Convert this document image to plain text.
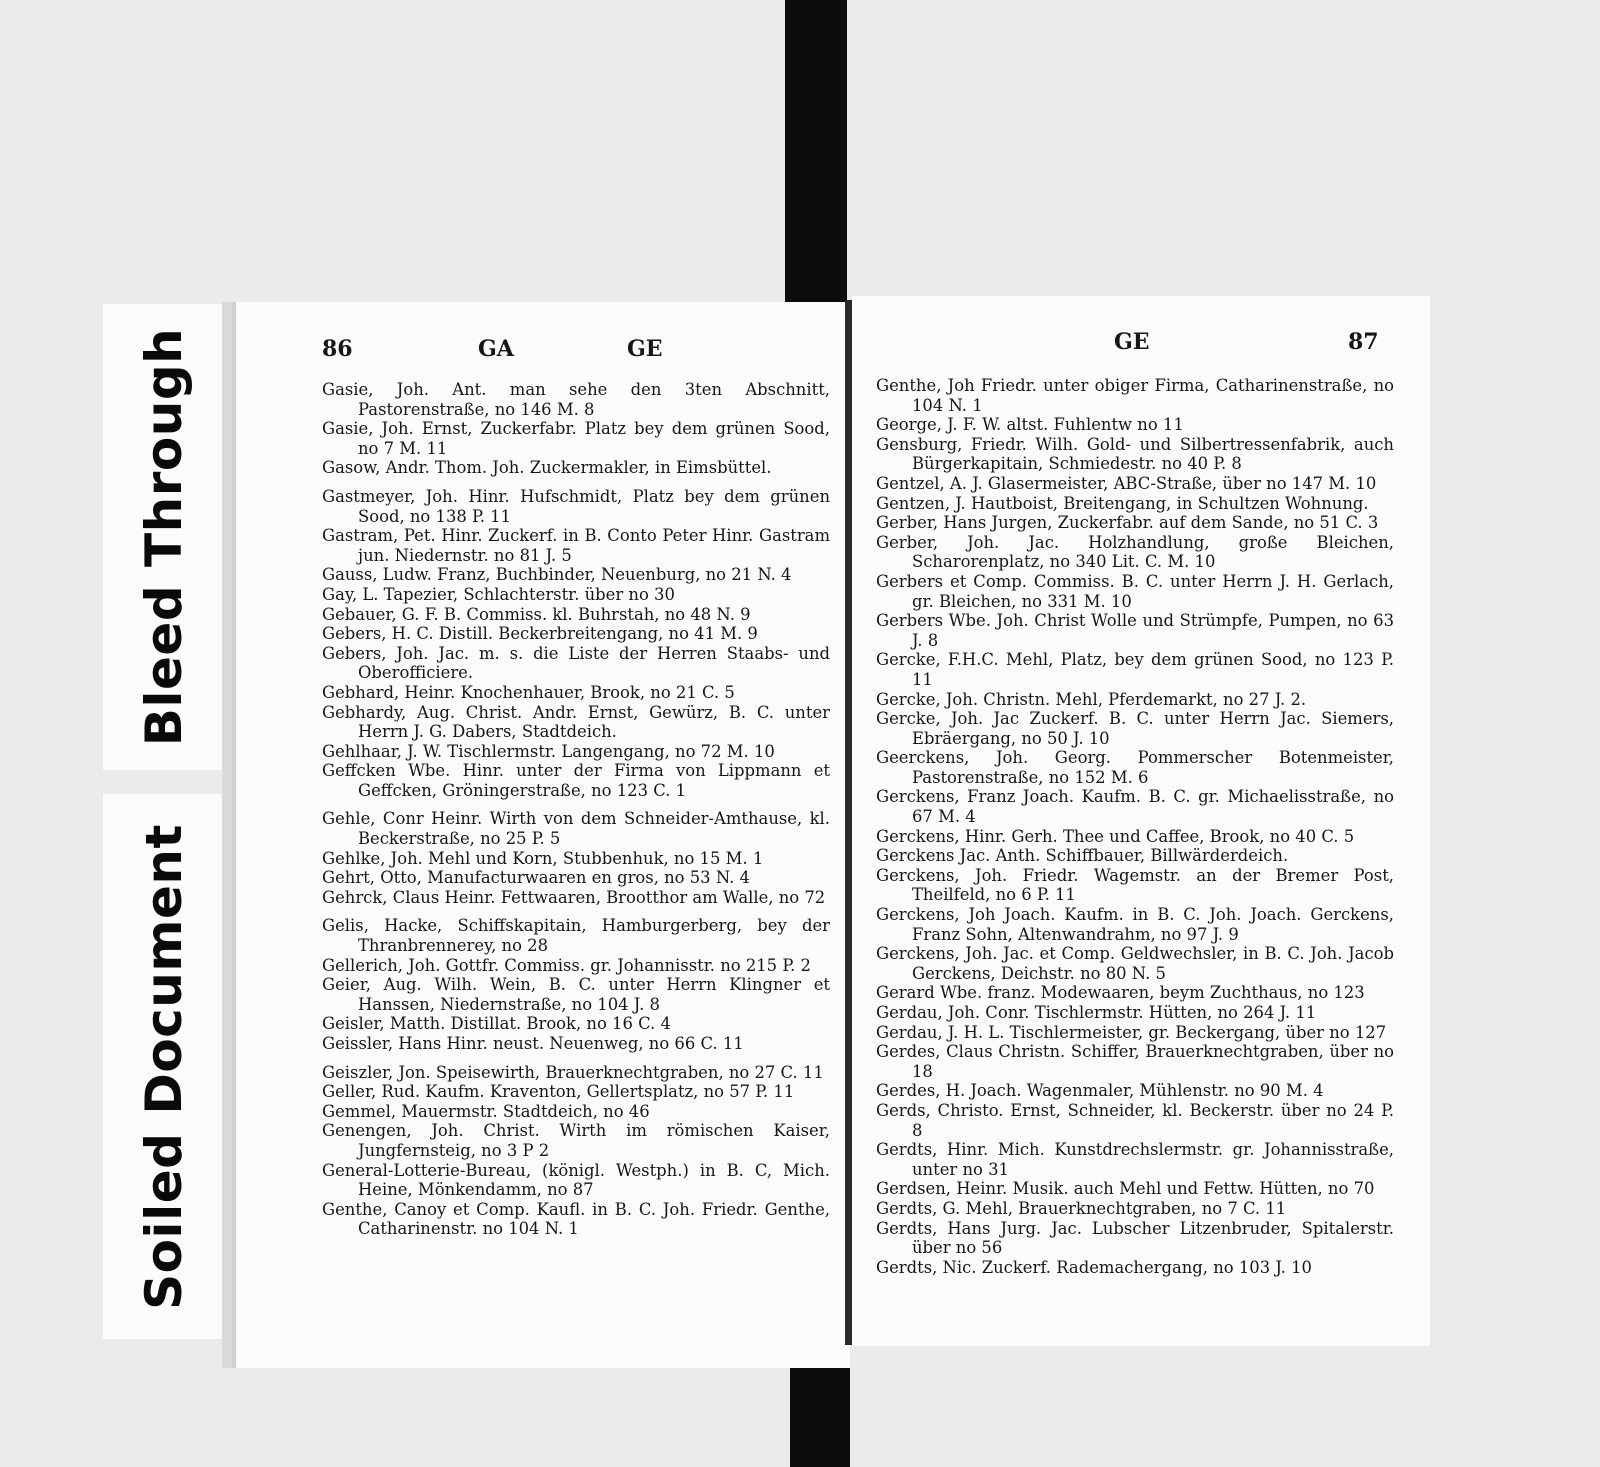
Bleed Through
Soiled Document
86	GA	GE	GE	87
Gasie, Joh. Ant. man sehe den 3ten Abschnitt, Pastorenstraße, no 146 M. 8
Gasie, Joh. Ernst, Zuckerfabr. Platz bey dem grünen Sood, no 7 M. 11
Gasow, Andr. Thom. Joh. Zuckermakler, in Eimsbüttel.
Gastmeyer, Joh. Hinr. Hufschmidt, Platz bey dem grünen Sood, no 138 P. 11
Gastram, Pet. Hinr. Zuckerf. in B. Conto Peter Hinr. Gastram jun. Niedernstr. no 81 J. 5
Gauss, Ludw. Franz, Buchbinder, Neuenburg, no 21 N. 4
Gay, L. Tapezier, Schlachterstr. über no 30
Gebauer, G. F. B. Commiss. kl. Buhrstah, no 48 N. 9
Gebers, H. C. Distill. Beckerbreitengang, no 41 M. 9
Gebers, Joh. Jac. m. s. die Liste der Herren Staabs- und Oberofficiere.
Gebhard, Heinr. Knochenhauer, Brook, no 21 C. 5
Gebhardy, Aug. Christ. Andr. Ernst, Gewürz, B. C. unter Herrn J. G. Dabers, Stadtdeich.
Gehlhaar, J. W. Tischlermstr. Langengang, no 72 M. 10
Geffcken Wbe. Hinr. unter der Firma von Lippmann et Geffcken, Gröningerstraße, no 123 C. 1
Gehle, Conr Heinr. Wirth von dem Schneider-Amthause, kl. Beckerstraße, no 25 P. 5
Gehlke, Joh. Mehl und Korn, Stubbenhuk, no 15 M. 1
Gehrt, Otto, Manufacturwaaren en gros, no 53 N. 4
Gehrck, Claus Heinr. Fettwaaren, Brootthor am Walle, no 72
Gelis, Hacke, Schiffskapitain, Hamburgerberg, bey der Thranbrennerey, no 28
Gellerich, Joh. Gottfr. Commiss. gr. Johannisstr. no 215 P. 2
Geier, Aug. Wilh. Wein, B. C. unter Herrn Klingner et Hanssen, Niedernstraße, no 104 J. 8
Geisler, Matth. Distillat. Brook, no 16 C. 4
Geissler, Hans Hinr. neust. Neuenweg, no 66 C. 11
Geiszler, Jon. Speisewirth, Brauerknechtgraben, no 27 C. 11
Geller, Rud. Kaufm. Kraventon, Gellertsplatz, no 57 P. 11
Gemmel, Mauermstr. Stadtdeich, no 46
Genengen, Joh. Christ. Wirth im römischen Kaiser, Jungfernsteig, no 3 P 2
General-Lotterie-Bureau, (königl. Westph.) in B. C, Mich. Heine, Mönkendamm, no 87
Genthe, Canoy et Comp. Kaufl. in B. C. Joh. Friedr. Genthe, Catharinenstr. no 104 N. 1
Genthe, Joh Friedr. unter obiger Firma, Catharinenstraße, no 104 N. 1
George, J. F. W. altst. Fuhlentw no 11
Gensburg, Friedr. Wilh. Gold- und Silbertressenfabrik, auch Bürgerkapitain, Schmiedestr. no 40 P. 8
Gentzel, A. J. Glasermeister, ABC-Straße, über no 147 M. 10
Gentzen, J. Hautboist, Breitengang, in Schultzen Wohnung.
Gerber, Hans Jurgen, Zuckerfabr. auf dem Sande, no 51 C. 3
Gerber, Joh. Jac. Holzhandlung, große Bleichen, Scharorenplatz, no 340 Lit. C. M. 10
Gerbers et Comp. Commiss. B. C. unter Herrn J. H. Gerlach, gr. Bleichen, no 331 M. 10
Gerbers Wbe. Joh. Christ Wolle und Strümpfe, Pumpen, no 63 J. 8
Gercke, F.H.C. Mehl, Platz, bey dem grünen Sood, no 123 P. 11
Gercke, Joh. Christn. Mehl, Pferdemarkt, no 27 J. 2.
Gercke, Joh. Jac Zuckerf. B. C. unter Herrn Jac. Siemers, Ebräergang, no 50 J. 10
Geerckens, Joh. Georg. Pommerscher Botenmeister, Pastorenstraße, no 152 M. 6
Gerckens, Franz Joach. Kaufm. B. C. gr. Michaelisstraße, no 67 M. 4
Gerckens, Hinr. Gerh. Thee und Caffee, Brook, no 40 C. 5
Gerckens Jac. Anth. Schiffbauer, Billwärderdeich.
Gerckens, Joh. Friedr. Wagemstr. an der Bremer Post, Theilfeld, no 6 P. 11
Gerckens, Joh Joach. Kaufm. in B. C. Joh. Joach. Gerckens, Franz Sohn, Altenwandrahm, no 97 J. 9
Gerckens, Joh. Jac. et Comp. Geldwechsler, in B. C. Joh. Jacob Gerckens, Deichstr. no 80 N. 5
Gerard Wbe. franz. Modewaaren, beym Zuchthaus, no 123
Gerdau, Joh. Conr. Tischlermstr. Hütten, no 264 J. 11
Gerdau, J. H. L. Tischlermeister, gr. Beckergang, über no 127
Gerdes, Claus Christn. Schiffer, Brauerknechtgraben, über no 18
Gerdes, H. Joach. Wagenmaler, Mühlenstr. no 90 M. 4
Gerds, Christo. Ernst, Schneider, kl. Beckerstr. über no 24 P. 8
Gerdts, Hinr. Mich. Kunstdrechslermstr. gr. Johannisstraße, unter no 31
Gerdsen, Heinr. Musik. auch Mehl und Fettw. Hütten, no 70
Gerdts, G. Mehl, Brauerknechtgraben, no 7 C. 11
Gerdts, Hans Jurg. Jac. Lubscher Litzenbruder, Spitalerstr. über no 56
Gerdts, Nic. Zuckerf. Rademachergang, no 103 J. 10
